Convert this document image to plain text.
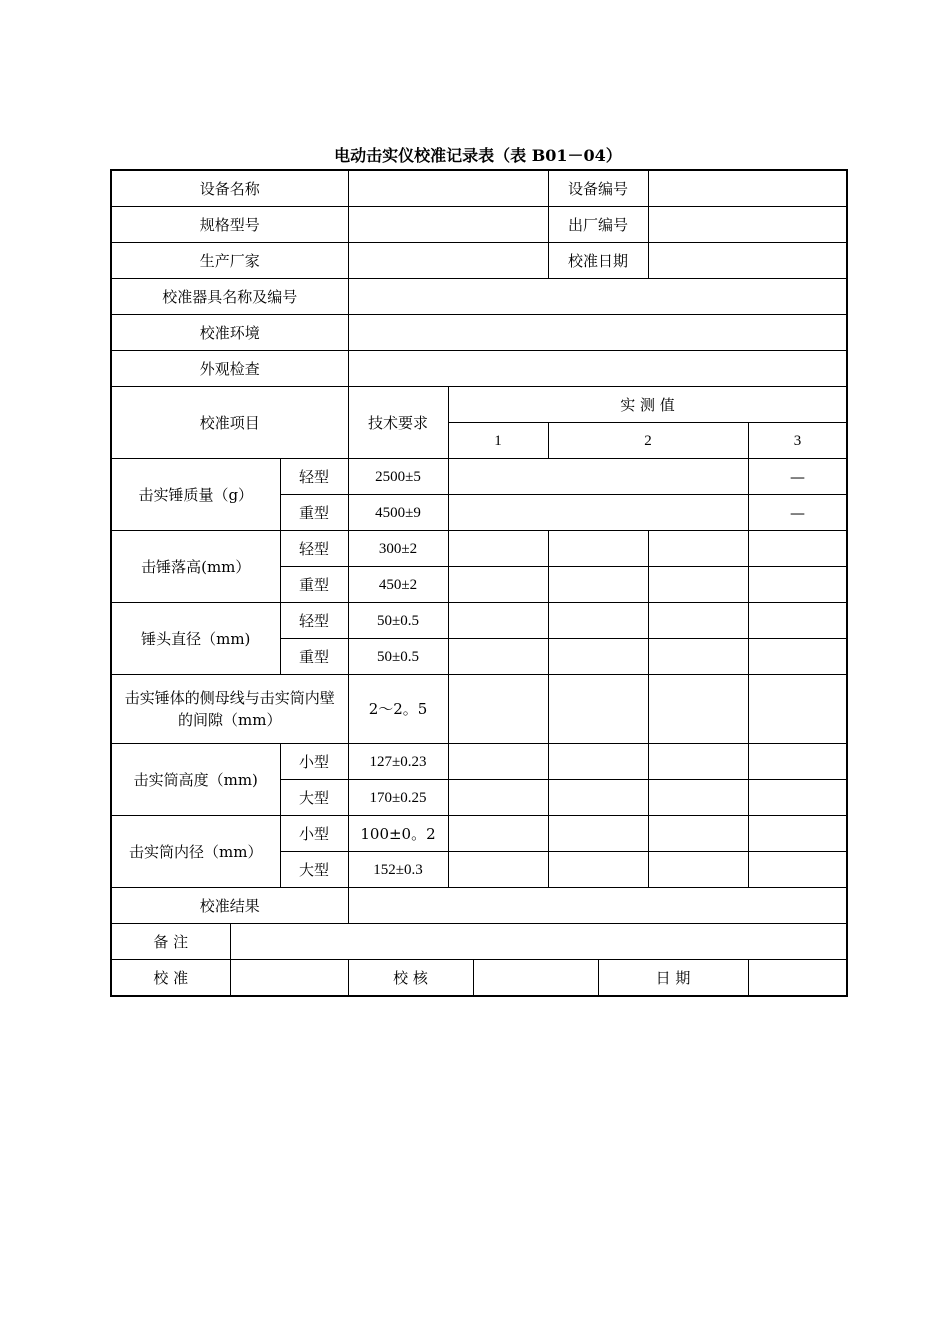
电动击实仪校准记录表（表 B01－04）
设备名称						设备编号				
规格型号						出厂编号				
生产厂家						校准日期				
校准器具名称及编号										
校准环境										
外观检查										
校准项目			技术要求	实 测 值						
				1		2			3	
击实锤质量（g）		轻型	2500±5						—	
		重型	4500±9						—	
击锤落高(mm）		轻型	300±2							
		重型	450±2							
锤头直径（mm)		轻型	50±0.5							
		重型	50±0.5							
击实锤体的侧母线与击实筒内壁的间隙（mm）			2～2。5							
击实筒高度（mm)		小型	127±0.23							
		大型	170±0.25							
击实筒内径（mm）		小型	100±0。2							
		大型	152±0.3							
校准结果										
备 注										
校 准			校 核				日 期			
